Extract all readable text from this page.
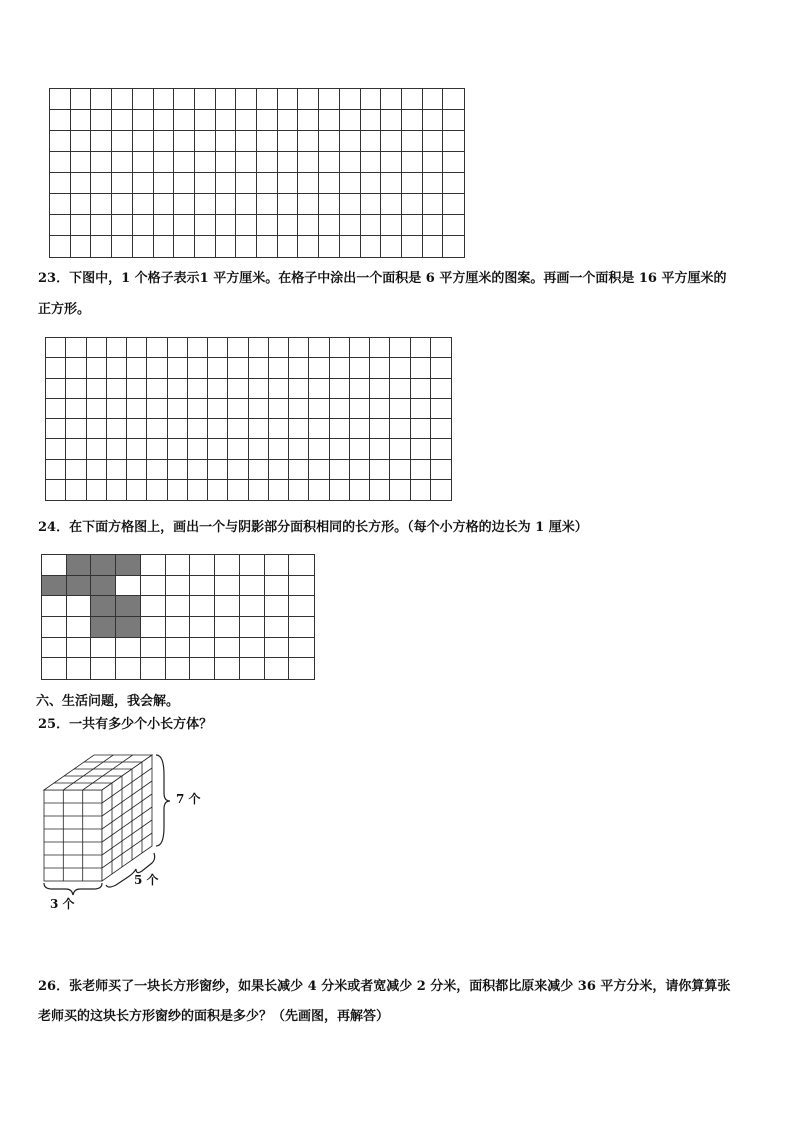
23．下图中，1 个格子表示1 平方厘米。在格子中涂出一个面积是 6 平方厘米的图案。再画一个面积是 16 平方厘米的
正方形。
24．在下面方格图上，画出一个与阴影部分面积相同的长方形。（每个小方格的边长为 1 厘米）
六、生活问题，我会解。
25．一共有多少个小长方体？
7 个
5 个
3 个
26．张老师买了一块长方形窗纱，如果长减少 4 分米或者宽减少 2 分米，面积都比原来减少 36 平方分米，请你算算张
老师买的这块长方形窗纱的面积是多少？（先画图，再解答）
